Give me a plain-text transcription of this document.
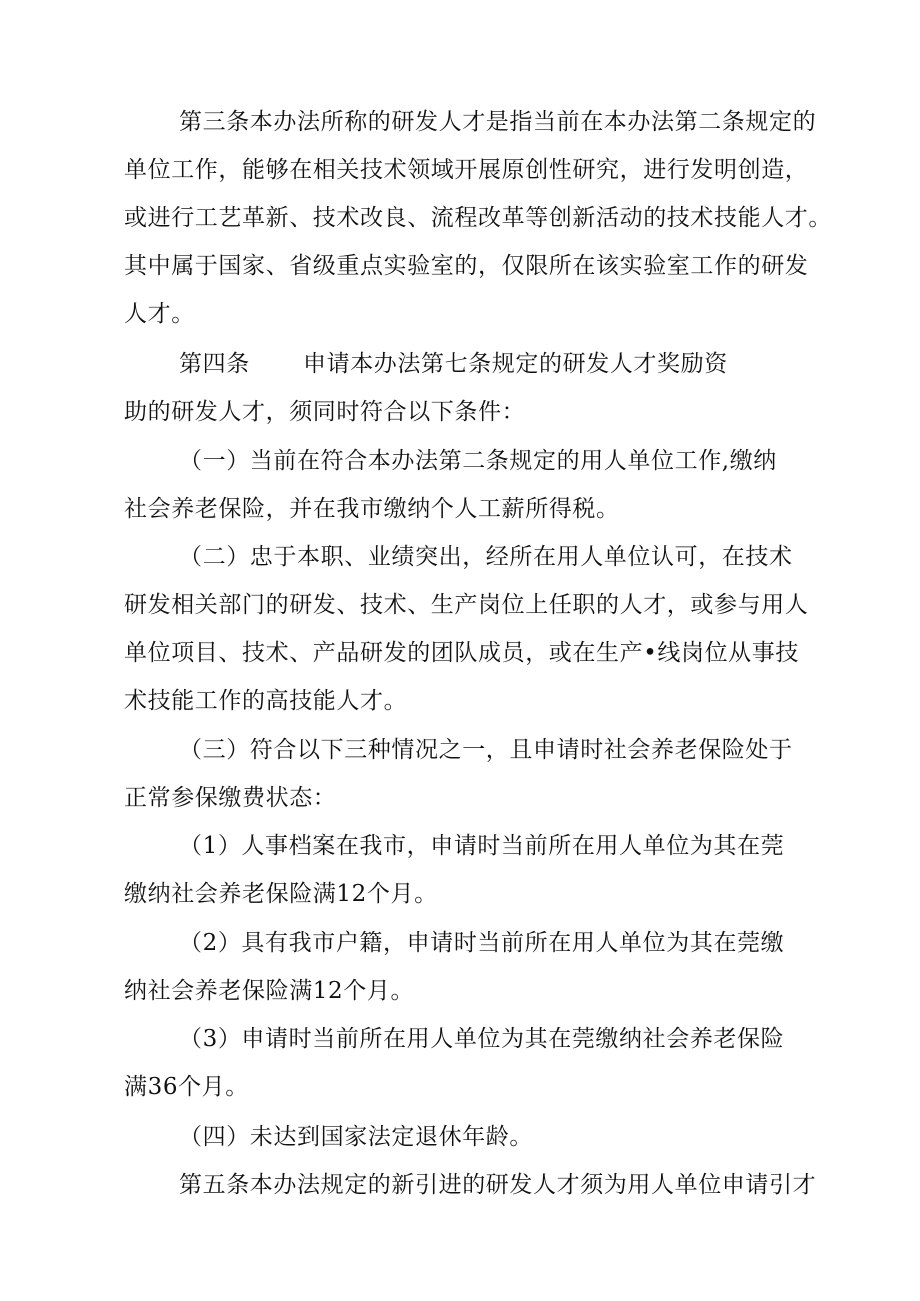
第三条本办法所称的研发人才是指当前在本办法第二条规定的
单位工作，能够在相关技术领域开展原创性研究，进行发明创造，
或进行工艺革新、技术改良、流程改革等创新活动的技术技能人才。
其中属于国家、省级重点实验室的，仅限所在该实验室工作的研发
人才。
第四条 申请本办法第七条规定的研发人才奖励资
助的研发人才，须同时符合以下条件：
（一）当前在符合本办法第二条规定的用人单位工作,缴纳
社会养老保险，并在我市缴纳个人工薪所得税。
（二）忠于本职、业绩突出，经所在用人单位认可，在技术
研发相关部门的研发、技术、生产岗位上任职的人才，或参与用人
单位项目、技术、产品研发的团队成员，或在生产•线岗位从事技
术技能工作的高技能人才。
（三）符合以下三种情况之一，且申请时社会养老保险处于
正常参保缴费状态：
（1）人事档案在我市，申请时当前所在用人单位为其在莞
缴纳社会养老保险满12个月。
（2）具有我市户籍，申请时当前所在用人单位为其在莞缴
纳社会养老保险满12个月。
（3）申请时当前所在用人单位为其在莞缴纳社会养老保险
满36个月。
（四）未达到国家法定退休年龄。
第五条本办法规定的新引进的研发人才须为用人单位申请引才
